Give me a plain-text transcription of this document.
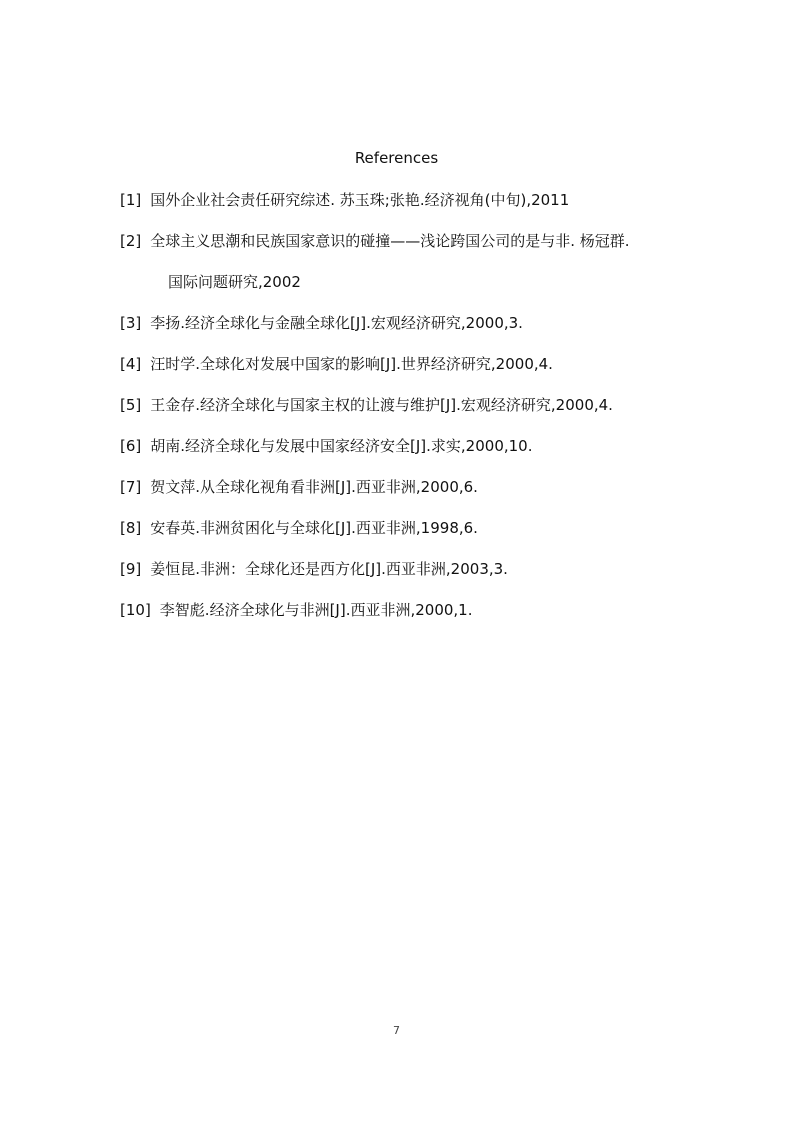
References
[1] 国外企业社会责任研究综述. 苏玉珠;张艳.经济视角(中旬),2011
[2] 全球主义思潮和民族国家意识的碰撞——浅论跨国公司的是与非. 杨冠群.
国际问题研究,2002
[3] 李扬.经济全球化与金融全球化[J].宏观经济研究,2000,3.
[4] 汪时学.全球化对发展中国家的影响[J].世界经济研究,2000,4.
[5] 王金存.经济全球化与国家主权的让渡与维护[J].宏观经济研究,2000,4.
[6] 胡南.经济全球化与发展中国家经济安全[J].求实,2000,10.
[7] 贺文萍.从全球化视角看非洲[J].西亚非洲,2000,6.
[8] 安春英.非洲贫困化与全球化[J].西亚非洲,1998,6.
[9] 姜恒昆.非洲：全球化还是西方化[J].西亚非洲,2003,3.
[10] 李智彪.经济全球化与非洲[J].西亚非洲,2000,1.
7
